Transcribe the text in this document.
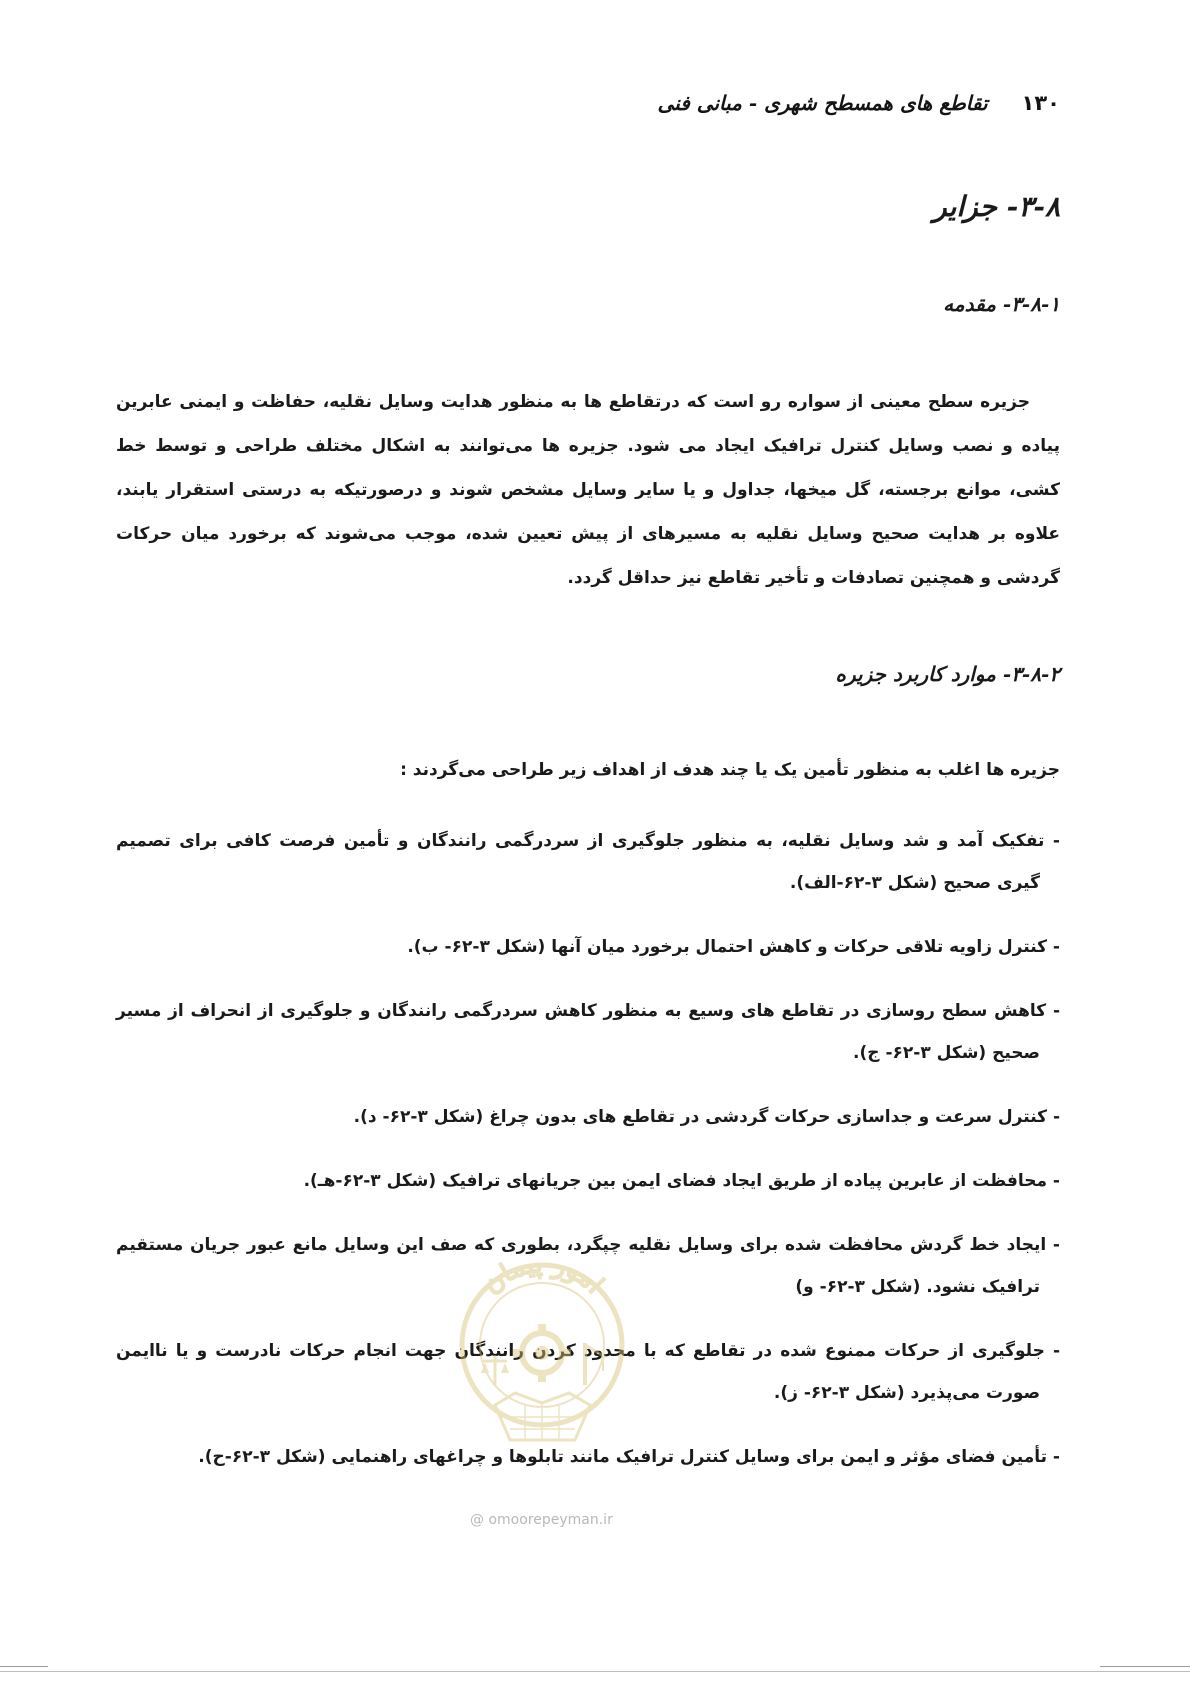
۱۳۰
تقاطع های همسطح شهری - مبانی فنی
۳-۸- جزایر
۳-۸-۱- مقدمه

جزیره سطح معینی از سواره رو است که درتقاطع ها به منظور هدایت وسایل نقلیه، حفاظت و ایمنی عابرین پیاده و نصب وسایل کنترل ترافیک ایجاد می شود. جزیره ها می‌توانند به اشکال مختلف طراحی و توسط خط کشی، موانع برجسته، گل میخها، جداول و یا سایر وسایل مشخص شوند و درصورتیکه به درستی استقرار یابند، علاوه بر هدایت صحیح وسایل نقلیه به مسیرهای از پیش تعیین شده، موجب می‌شوند که برخورد میان حرکات گردشی و همچنین تصادفات و تأخیر تقاطع نیز حداقل گردد.

۳-۸-۲- موارد کاربرد جزیره

جزیره ها اغلب به منظور تأمین یک یا چند هدف از اهداف زیر طراحی می‌گردند :

- تفکیک آمد و شد وسایل نقلیه، به منظور جلوگیری از سردرگمی رانندگان و تأمین فرصت کافی برای تصمیم گیری صحیح (شکل ۳-۶۲-الف).
- کنترل زاویه تلاقی حرکات و کاهش احتمال برخورد میان آنها (شکل ۳-۶۲- ب).
- کاهش سطح روسازی در تقاطع های وسیع به منظور کاهش سردرگمی رانندگان و جلوگیری از انحراف از مسیر صحیح (شکل ۳-۶۲- ج).
- کنترل سرعت و جداسازی حرکات گردشی در تقاطع های بدون چراغ (شکل ۳-۶۲- د).
- محافظت از عابرین پیاده از طریق ایجاد فضای ایمن بین جریانهای ترافیک (شکل ۳-۶۲-هـ).
- ایجاد خط گردش محافظت شده برای وسایل نقلیه چپگرد، بطوری که صف این وسایل مانع عبور جریان مستقیم ترافیک نشود. (شکل ۳-۶۲- و)
- جلوگیری از حرکات ممنوع شده در تقاطع که با محدود کردن رانندگان جهت انجام حرکات نادرست و یا ناایمن صورت می‌پذیرد (شکل ۳-۶۲- ز).
- تأمین فضای مؤثر و ایمن برای وسایل کنترل ترافیک مانند تابلوها و چراغهای راهنمایی (شکل ۳-۶۲-ح).
امور پیمان
@ omoorepeyman.ir
